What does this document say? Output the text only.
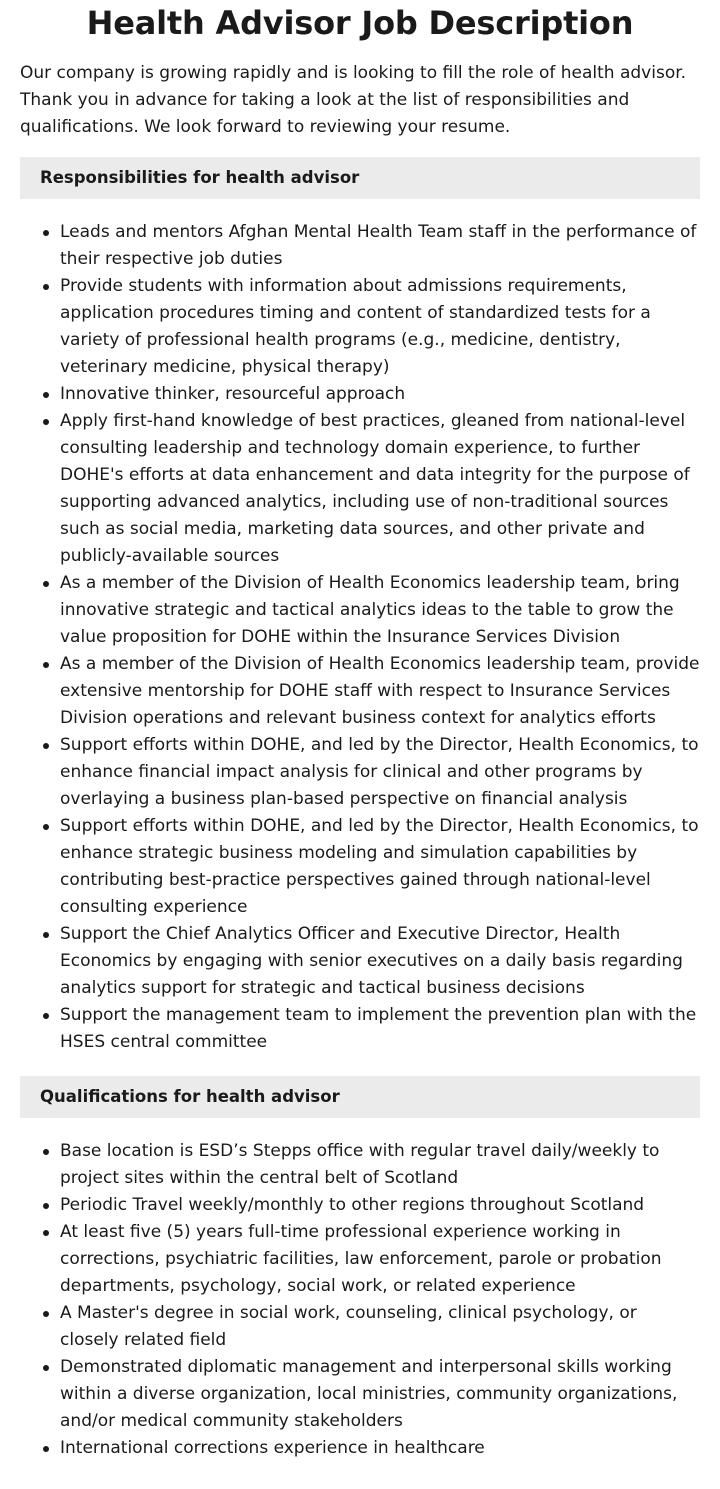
Health Advisor Job Description

Our company is growing rapidly and is looking to fill the role of health advisor. Thank you in advance for taking a look at the list of responsibilities and qualifications. We look forward to reviewing your resume.

Responsibilities for health advisor
Leads and mentors Afghan Mental Health Team staff in the performance of their respective job duties
Provide students with information about admissions requirements, application procedures timing and content of standardized tests for a variety of professional health programs (e.g., medicine, dentistry, veterinary medicine, physical therapy)
Innovative thinker, resourceful approach
Apply first-hand knowledge of best practices, gleaned from national-level consulting leadership and technology domain experience, to further DOHE's efforts at data enhancement and data integrity for the purpose of supporting advanced analytics, including use of non-traditional sources such as social media, marketing data sources, and other private and publicly-available sources
As a member of the Division of Health Economics leadership team, bring innovative strategic and tactical analytics ideas to the table to grow the value proposition for DOHE within the Insurance Services Division
As a member of the Division of Health Economics leadership team, provide extensive mentorship for DOHE staff with respect to Insurance Services Division operations and relevant business context for analytics efforts
Support efforts within DOHE, and led by the Director, Health Economics, to enhance financial impact analysis for clinical and other programs by overlaying a business plan-based perspective on financial analysis
Support efforts within DOHE, and led by the Director, Health Economics, to enhance strategic business modeling and simulation capabilities by contributing best-practice perspectives gained through national-level consulting experience
Support the Chief Analytics Officer and Executive Director, Health Economics by engaging with senior executives on a daily basis regarding analytics support for strategic and tactical business decisions
Support the management team to implement the prevention plan with the HSES central committee
Qualifications for health advisor
Base location is ESD’s Stepps office with regular travel daily/weekly to project sites within the central belt of Scotland
Periodic Travel weekly/monthly to other regions throughout Scotland
At least five (5) years full-time professional experience working in corrections, psychiatric facilities, law enforcement, parole or probation departments, psychology, social work, or related experience
A Master's degree in social work, counseling, clinical psychology, or closely related field
Demonstrated diplomatic management and interpersonal skills working within a diverse organization, local ministries, community organizations, and/or medical community stakeholders
International corrections experience in healthcare
